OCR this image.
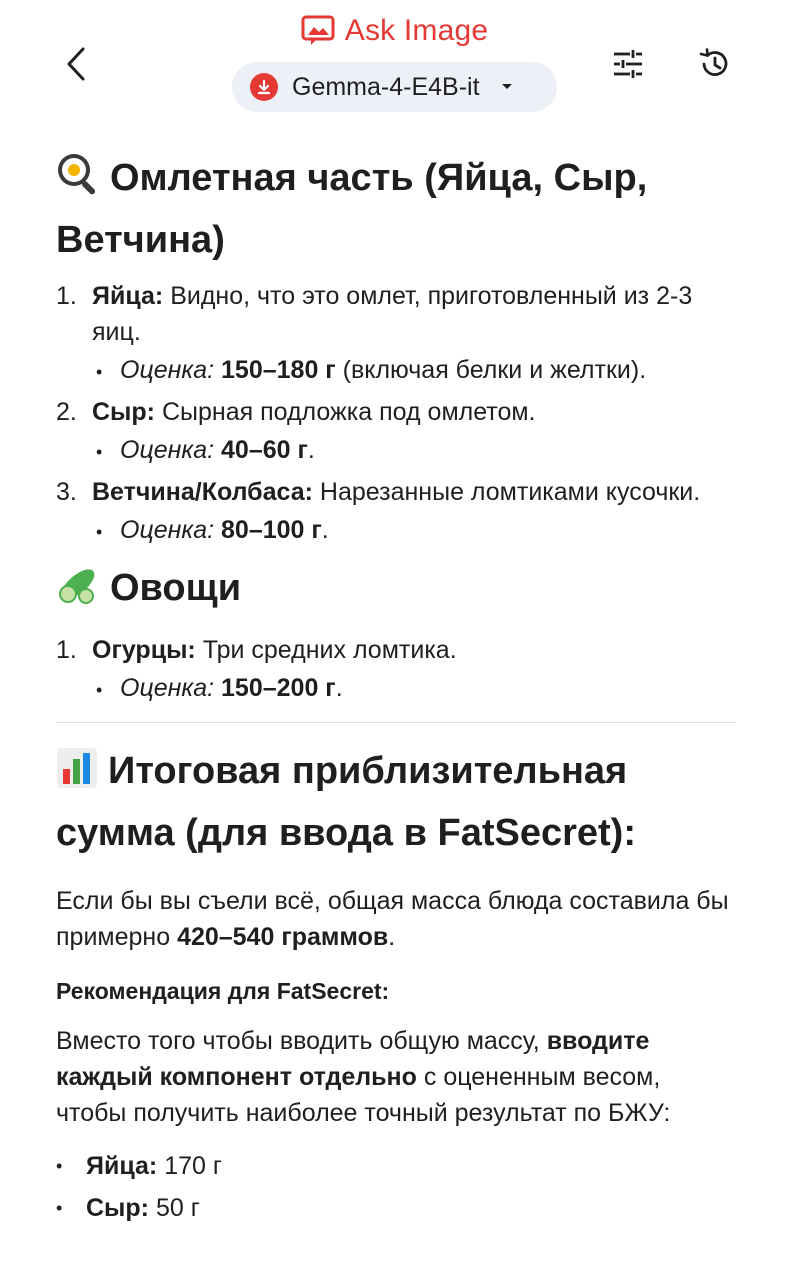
Ask Image
Gemma-4-E4B-it
Омлетная часть (Яйца, Сыр, Ветчина)
1. Яйца: Видно, что это омлет, приготовленный из 2-3 яиц.
• Оценка: 150–180 г (включая белки и желтки).
2. Сыр: Сырная подложка под омлетом.
• Оценка: 40–60 г.
3. Ветчина/Колбаса: Нарезанные ломтиками кусочки.
• Оценка: 80–100 г.
Овощи
1. Огурцы: Три средних ломтика.
• Оценка: 150–200 г.
Итоговая приблизительная сумма (для ввода в FatSecret):

Если бы вы съели всё, общая масса блюда составила бы примерно 420–540 граммов.

Рекомендация для FatSecret:

Вместо того чтобы вводить общую массу, вводите каждый компонент отдельно с оцененным весом, чтобы получить наиболее точный результат по БЖУ:

• Яйца: 170 г
• Сыр: 50 г
